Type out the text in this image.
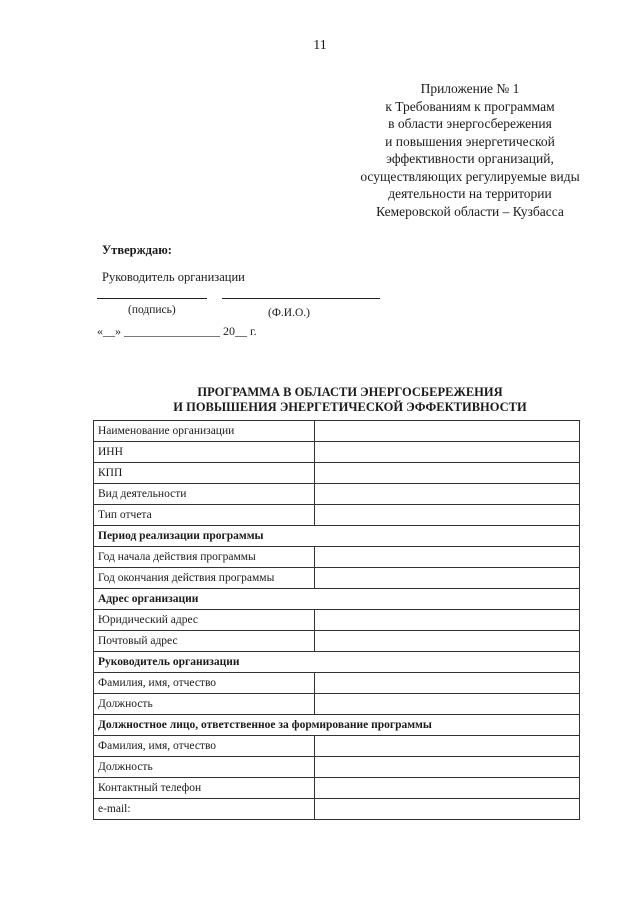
11
Приложение № 1
к Требованиям к программам
в области энергосбережения
и повышения энергетической
эффективности организаций,
осуществляющих регулируемые виды
деятельности на территории
Кемеровской области – Кузбасса
Утверждаю:
Руководитель организации
(подпись)	(Ф.И.О.)
«__» ________________ 20__ г.
ПРОГРАММА В ОБЛАСТИ ЭНЕРГОСБЕРЕЖЕНИЯ
И ПОВЫШЕНИЯ ЭНЕРГЕТИЧЕСКОЙ ЭФФЕКТИВНОСТИ
Наименование организации	
ИНН	
КПП	
Вид деятельности	
Тип отчета	
Период реализации программы	
Год начала действия программы	
Год окончания действия программы	
Адрес организации	
Юридический адрес	
Почтовый адрес	
Руководитель организации	
Фамилия, имя, отчество	
Должность	
Должностное лицо, ответственное за формирование программы	
Фамилия, имя, отчество	
Должность	
Контактный телефон	
e-mail:	
